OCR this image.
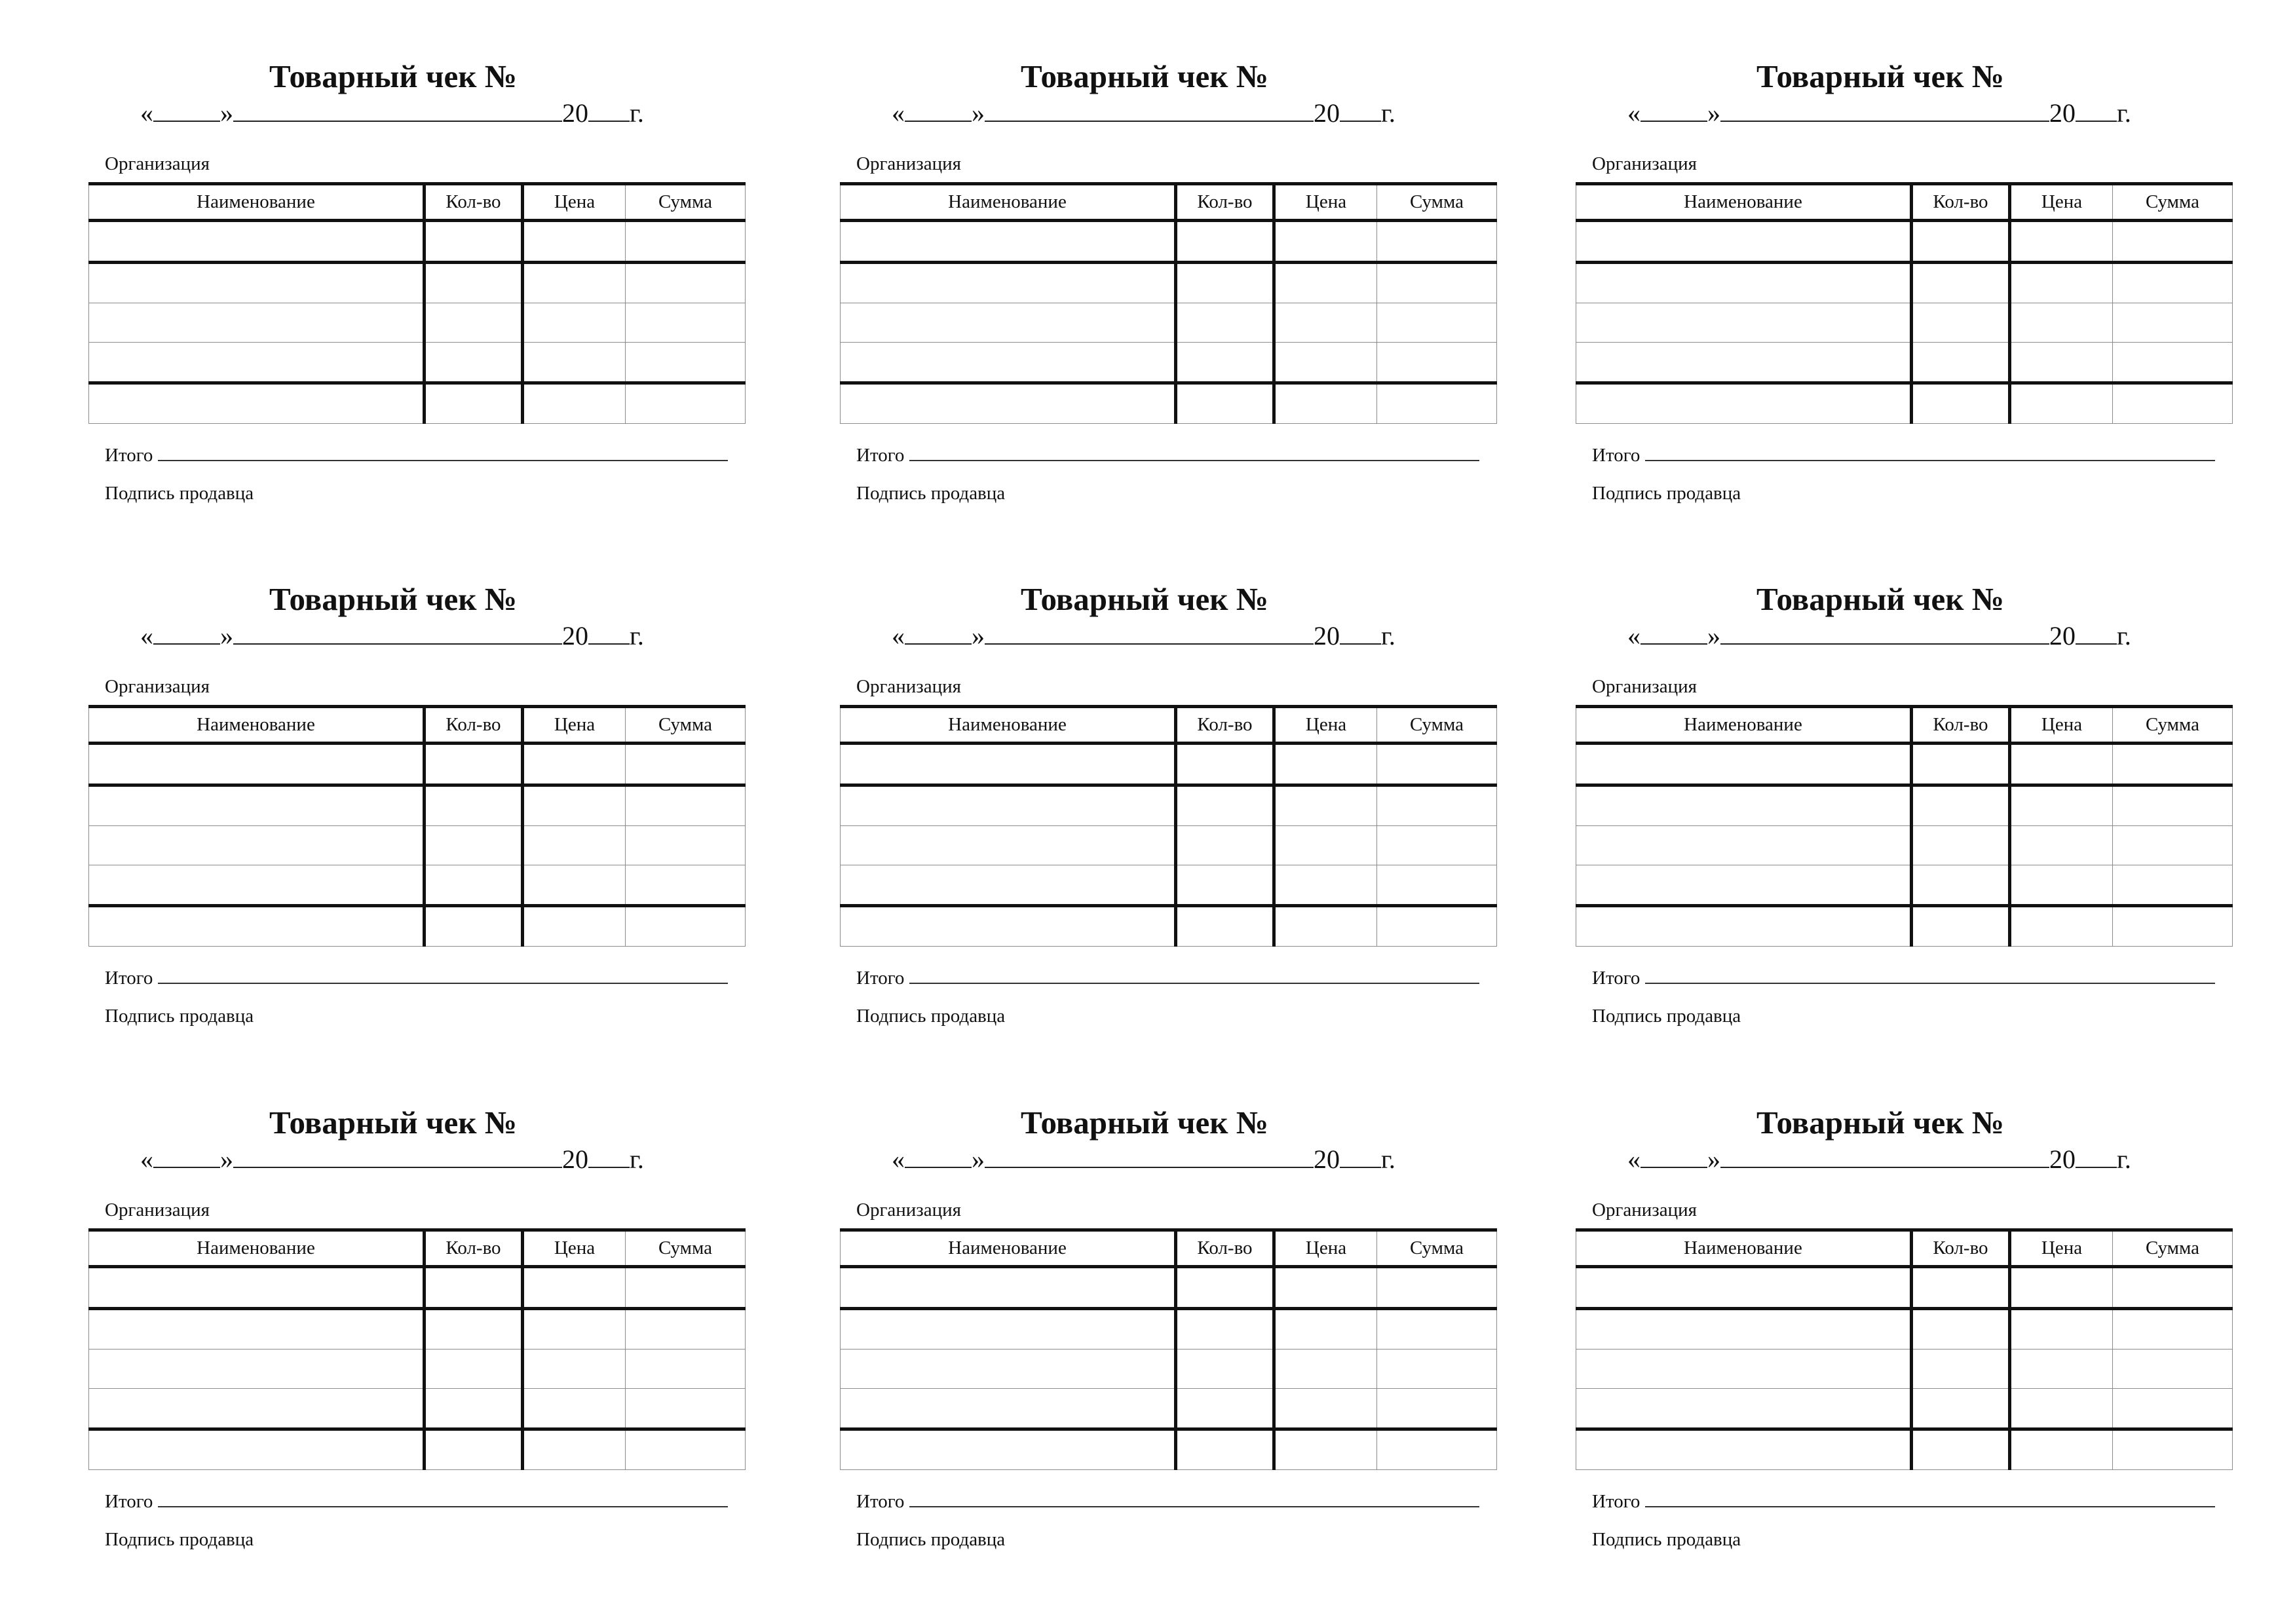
Товарный чек №
«	»	20 г.
Организация
Наименование	Кол-во	Цена	Сумма

Итого
Подпись продавца
Товарный чек №
«	»	20 г.
Организация
Наименование	Кол-во	Цена	Сумма

Итого
Подпись продавца
Товарный чек №
«	»	20 г.
Организация
Наименование	Кол-во	Цена	Сумма

Итого
Подпись продавца
Товарный чек №
«	»	20 г.
Организация
Наименование	Кол-во	Цена	Сумма

Итого
Подпись продавца
Товарный чек №
«	»	20 г.
Организация
Наименование	Кол-во	Цена	Сумма

Итого
Подпись продавца
Товарный чек №
«	»	20 г.
Организация
Наименование	Кол-во	Цена	Сумма

Итого
Подпись продавца
Товарный чек №
«	»	20 г.
Организация
Наименование	Кол-во	Цена	Сумма

Итого
Подпись продавца
Товарный чек №
«	»	20 г.
Организация
Наименование	Кол-во	Цена	Сумма

Итого
Подпись продавца
Товарный чек №
«	»	20 г.
Организация
Наименование	Кол-во	Цена	Сумма

Итого
Подпись продавца
